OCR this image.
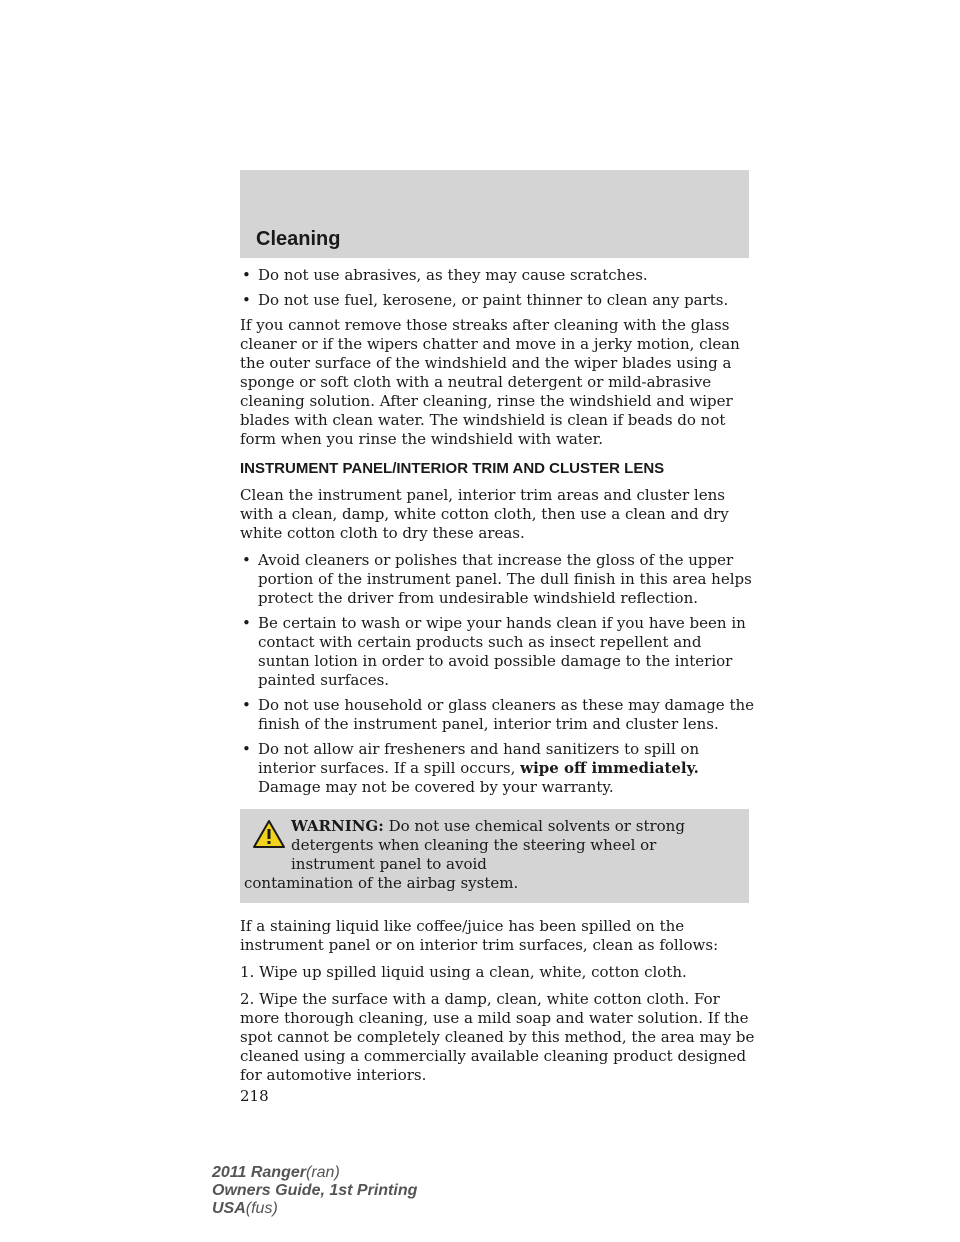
Cleaning
• Do not use abrasives, as they may cause scratches.
• Do not use fuel, kerosene, or paint thinner to clean any parts.

If you cannot remove those streaks after cleaning with the glass cleaner or if the wipers chatter and move in a jerky motion, clean the outer surface of the windshield and the wiper blades using a sponge or soft cloth with a neutral detergent or mild-abrasive cleaning solution. After cleaning, rinse the windshield and wiper blades with clean water. The windshield is clean if beads do not form when you rinse the windshield with water.

INSTRUMENT PANEL/INTERIOR TRIM AND CLUSTER LENS

Clean the instrument panel, interior trim areas and cluster lens with a clean, damp, white cotton cloth, then use a clean and dry white cotton cloth to dry these areas.

• Avoid cleaners or polishes that increase the gloss of the upper portion of the instrument panel. The dull finish in this area helps protect the driver from undesirable windshield reflection.
• Be certain to wash or wipe your hands clean if you have been in contact with certain products such as insect repellent and suntan lotion in order to avoid possible damage to the interior painted surfaces.
• Do not use household or glass cleaners as these may damage the finish of the instrument panel, interior trim and cluster lens.
• Do not allow air fresheners and hand sanitizers to spill on interior surfaces. If a spill occurs, wipe off immediately. Damage may not be covered by your warranty.
WARNING: Do not use chemical solvents or strong detergents when cleaning the steering wheel or instrument panel to avoid
contamination of the airbag system.

If a staining liquid like coffee/juice has been spilled on the instrument panel or on interior trim surfaces, clean as follows:

1. Wipe up spilled liquid using a clean, white, cotton cloth.

2. Wipe the surface with a damp, clean, white cotton cloth. For more thorough cleaning, use a mild soap and water solution. If the spot cannot be completely cleaned by this method, the area may be cleaned using a commercially available cleaning product designed for automotive interiors.

218
2011 Ranger(ran)
Owners Guide, 1st Printing
USA(fus)
